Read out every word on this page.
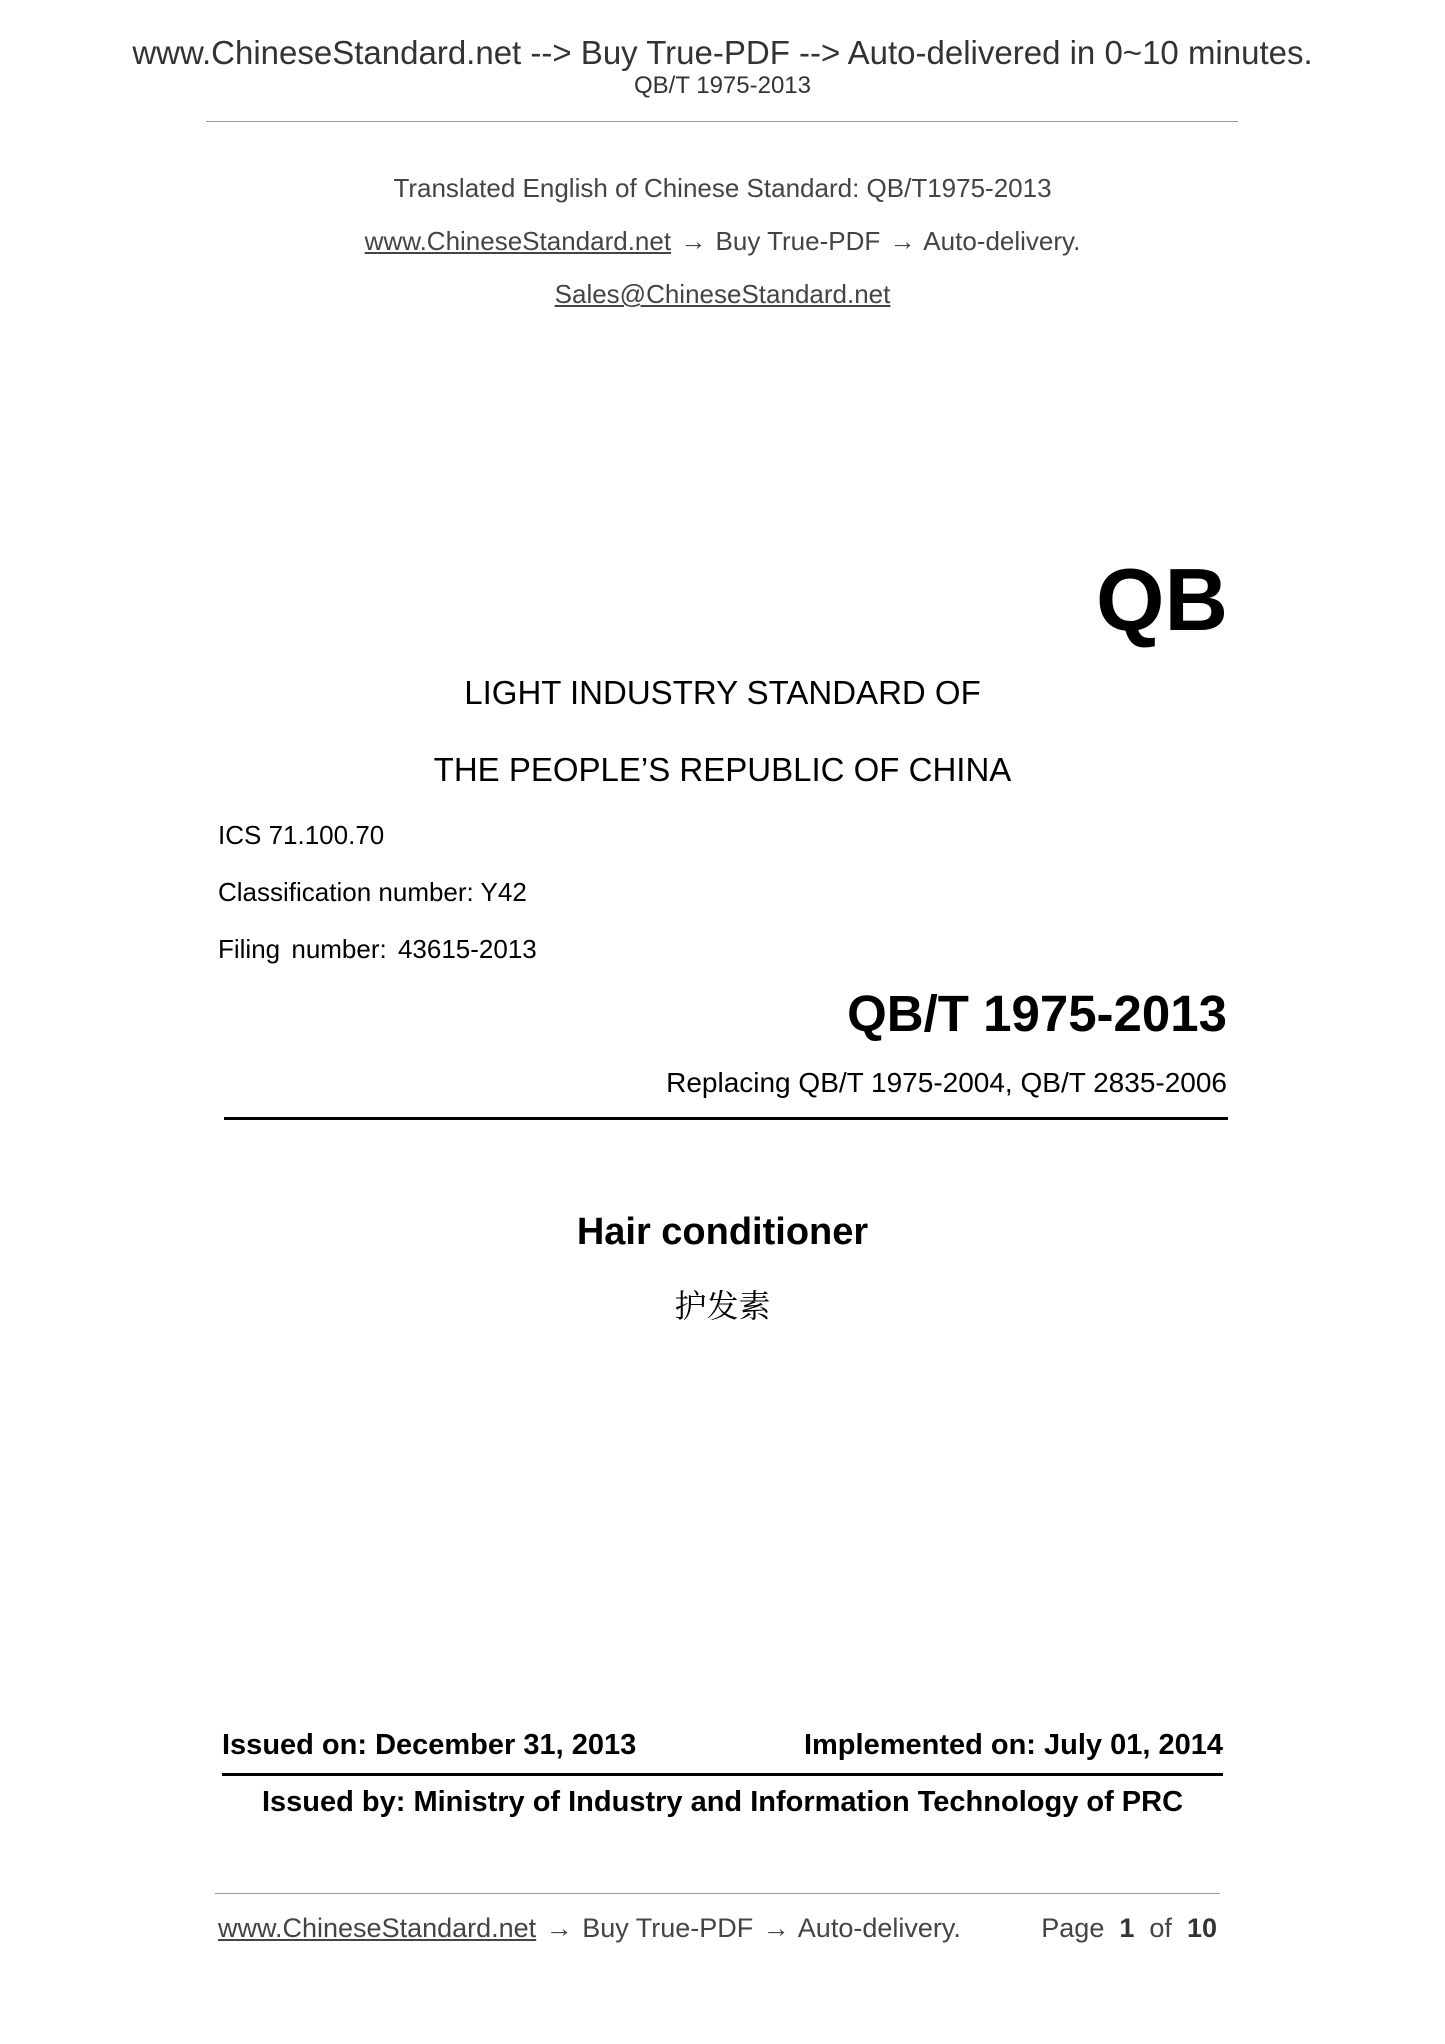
www.ChineseStandard.net --> Buy True-PDF --> Auto-delivered in 0~10 minutes.
QB/T 1975-2013
Translated English of Chinese Standard: QB/T1975-2013
www.ChineseStandard.net → Buy True-PDF → Auto-delivery.
Sales@ChineseStandard.net
QB
LIGHT INDUSTRY STANDARD OF
THE PEOPLE’S REPUBLIC OF CHINA
ICS 71.100.70
Classification number: Y42
Filing number: 43615-2013
QB/T 1975-2013
Replacing QB/T 1975-2004, QB/T 2835-2006
Hair conditioner
护发素
Issued on: December 31, 2013	Implemented on: July 01, 2014
Issued by: Ministry of Industry and Information Technology of PRC
www.ChineseStandard.net → Buy True-PDF → Auto-delivery.	Page 1 of 10
